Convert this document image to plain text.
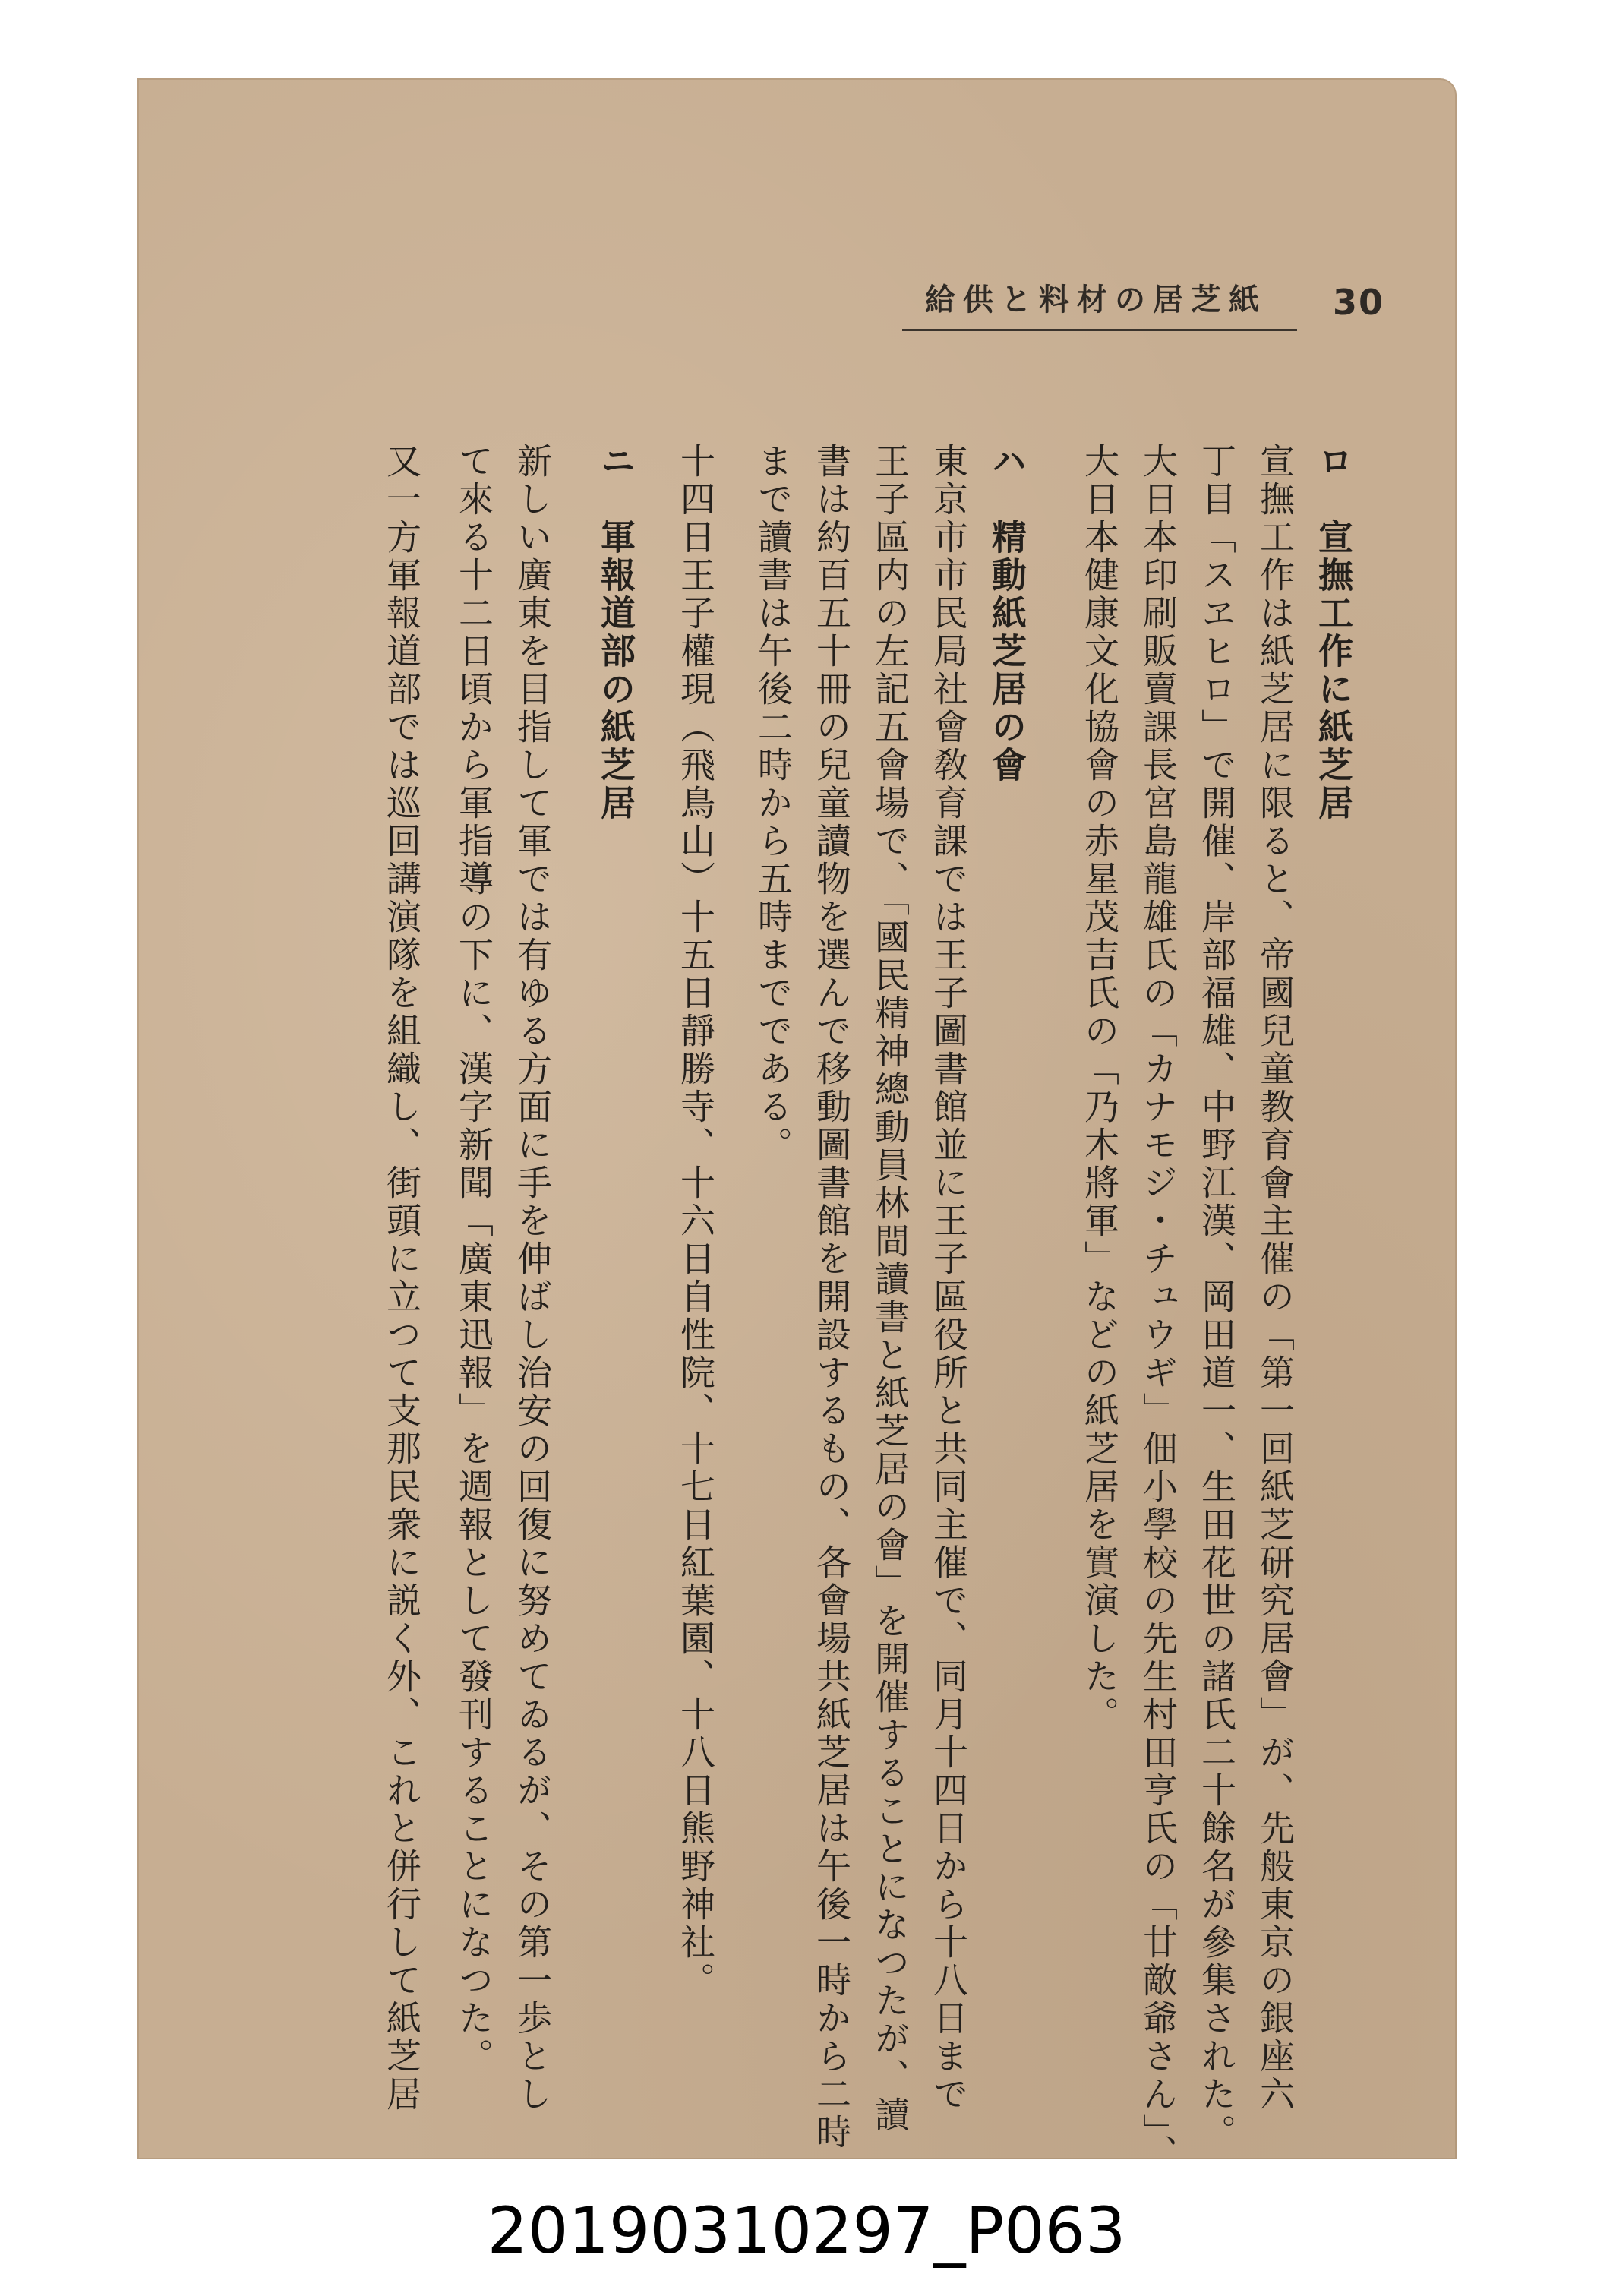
30
紙芝居の材料と供給
ロ　宣撫工作に紙芝居
宣撫工作は紙芝居に限ると、帝國兒童教育會主催の「第一回紙芝研究居會」が、先般東京の銀座六
丁目「スヱヒロ」で開催、岸部福雄、中野江漢、岡田道一、生田花世の諸氏二十餘名が參集された。
大日本印刷販賣課長宮島龍雄氏の「カナモジ・チュウギ」佃小學校の先生村田亨氏の「廿敵爺さん」、
大日本健康文化協會の赤星茂吉氏の「乃木將軍」などの紙芝居を實演した。
ハ　精動紙芝居の會
東京市市民局社會敎育課では王子圖書館並に王子區役所と共同主催で、同月十四日から十八日まで
王子區内の左記五會場で、「國民精神總動員林間讀書と紙芝居の會」を開催することになつたが、讀
書は約百五十冊の兒童讀物を選んで移動圖書館を開設するもの、各會場共紙芝居は午後一時から二時
まで讀書は午後二時から五時までである。
十四日王子權現（飛鳥山）十五日靜勝寺、十六日自性院、十七日紅葉園、十八日熊野神社。
ニ　軍報道部の紙芝居
新しい廣東を目指して軍では有ゆる方面に手を伸ばし治安の回復に努めてゐるが、その第一歩とし
て來る十二日頃から軍指導の下に、漢字新聞「廣東迅報」を週報として發刊することになつた。
又一方軍報道部では巡回講演隊を組織し、街頭に立つて支那民衆に説く外、これと併行して紙芝居
20190310297_P063
